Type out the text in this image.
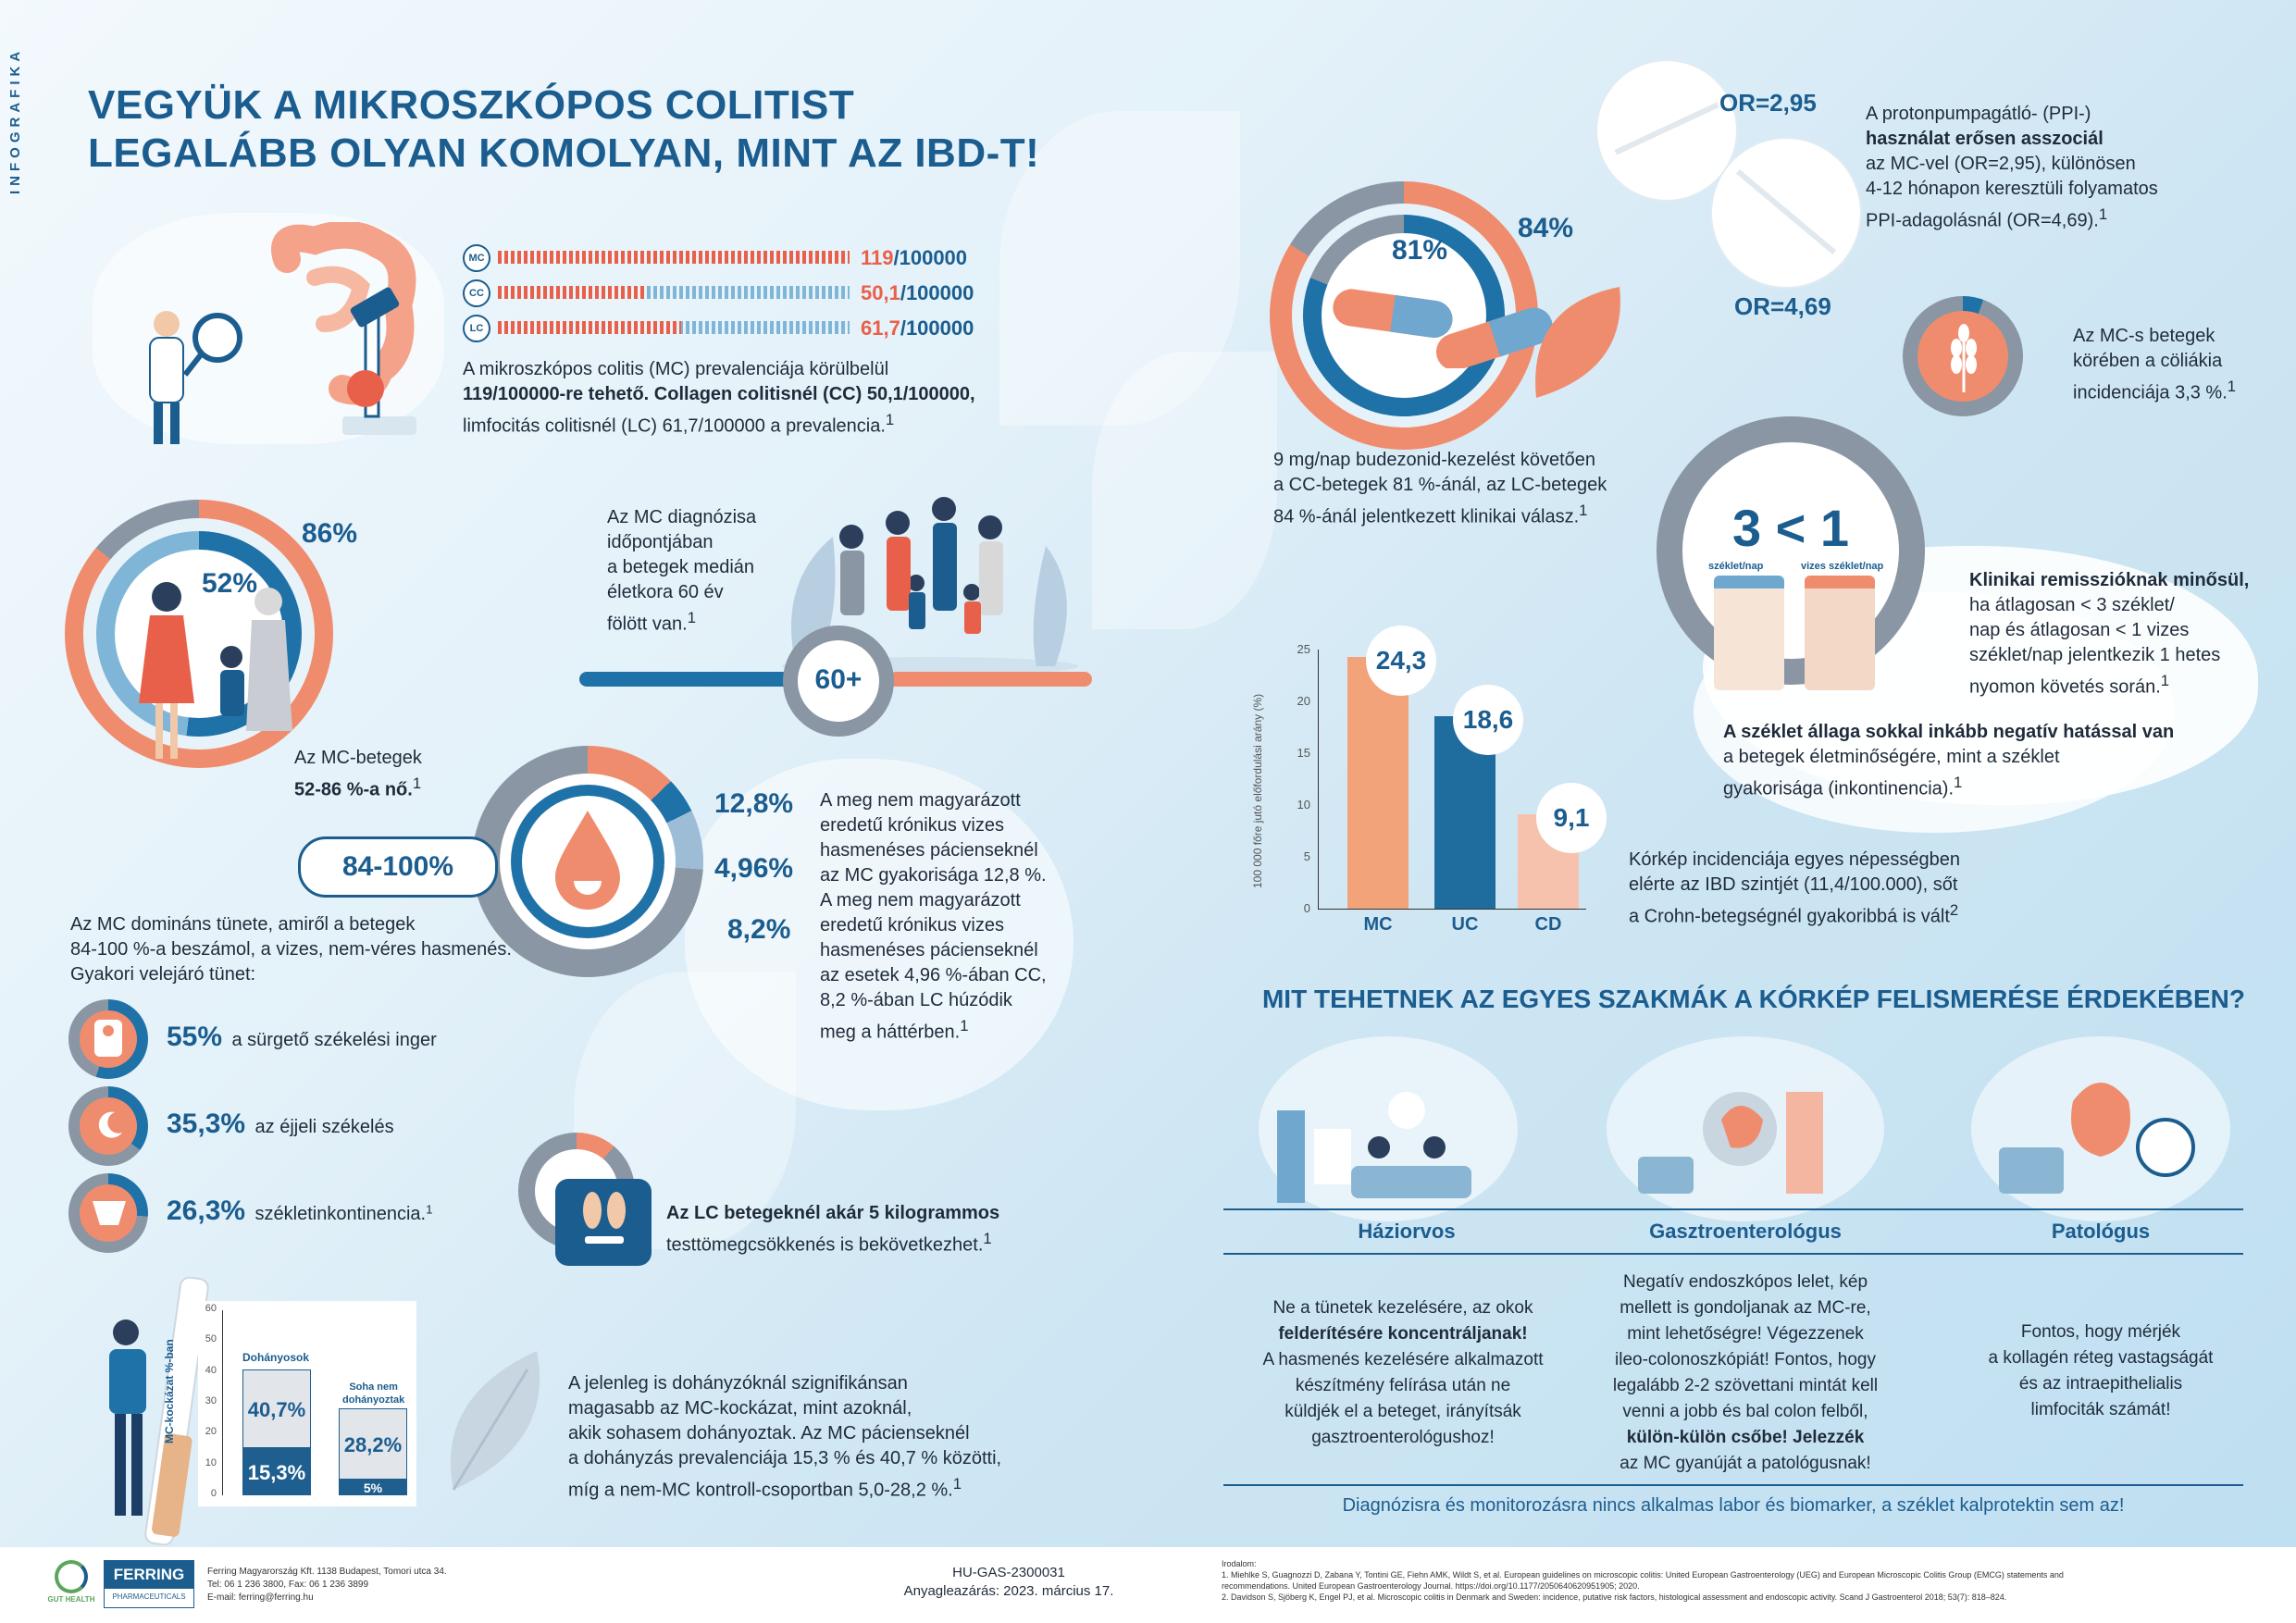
INFOGRAFIKA VEGYÜK A MIKROSZKÓPOS COLITIST
LEGALÁBB OLYAN KOMOLYAN, MINT AZ IBD-T!
MC	119/100000
CC	50,1/100000
LC	61,7/100000
A mikroszkópos colitis (MC) prevalenciája körülbelül
119/100000-re tehető. Collagen colitisnél (CC) 50,1/100000,
limfocitás colitisnél (LC) 61,7/100000 a prevalencia.$^1$
86%
52%
Az MC-betegek
52-86 %-a nő.$^1$
Az MC diagnózisa
időpontjában
a betegek medián
életkora 60 év
fölött van.$^1$
60+
84-100%
12,8%
4,96%
8,2%
A meg nem magyarázott
eredetű krónikus vizes
hasmenéses pácienseknél
az MC gyakorisága 12,8 %.
A meg nem magyarázott
eredetű krónikus vizes
hasmenéses pácienseknél
az esetek 4,96 %-ában CC,
8,2 %-ában LC húzódik
meg a háttérben.$^1$
Az MC domináns tünete, amiről a betegek
84-100 %-a beszámol, a vizes, nem-véres hasmenés.
Gyakori velejáró tünet:
55% a sürgető székelési inger
35,3% az éjjeli székelés
26,3% székletinkontinencia.$^1$	Az LC betegeknél akár 5 kilogrammos
testtömegcsökkenés is bekövetkezhet.$^1$
MC-kockázat %-ban
60
50
40
30
20
10
0
Dohányosok
Soha nem
dohányoztak
40,7%
15,3%
28,2%
5%
A jelenleg is dohányzóknál szignifikánsan
magasabb az MC-kockázat, mint azoknál,
akik sohasem dohányoztak. Az MC pácienseknél
a dohányzás prevalenciája 15,3 % és 40,7 % közötti,
míg a nem-MC kontroll-csoportban 5,0-28,2 %.$^1$
81%
84%
9 mg/nap budezonid-kezelést követően
a CC-betegek 81 %-ánál, az LC-betegek
84 %-ánál jelentkezett klinikai válasz.$^1$
OR=2,95
OR=4,69
A protonpumpagátló- (PPI-)
használat erősen asszociál
az MC-vel (OR=2,95), különösen
4-12 hónapon keresztüli folyamatos
PPI-adagolásnál (OR=4,69).$^1$
Az MC-s betegek
körében a cöliákia
incidenciája 3,3 %.$^1$
3 < 1
széklet/nap	vizes széklet/nap
Klinikai remisszióknak minősül,
ha átlagosan < 3 széklet/
nap és átlagosan < 1 vizes
széklet/nap jelentkezik 1 hetes
nyomon követés során.$^1$
A széklet állaga sokkal inkább negatív hatással van
a betegek életminőségére, mint a széklet
gyakorisága (inkontinencia).$^1$
100 000 főre jutó előfordulási arány (%)
25
20
15
10
5
0
24,3
MC
18,6
UC
9,1
CD
Kórkép incidenciája egyes népességben
elérte az IBD szintjét (11,4/100.000), sőt
a Crohn-betegségnél gyakoribbá is vált$^2$
MIT TEHETNEK AZ EGYES SZAKMÁK A KÓRKÉP FELISMERÉSE ÉRDEKÉBEN?
Háziorvos	Gasztroenterológus	Patológus
Ne a tünetek kezelésére, az okok
felderítésére koncentráljanak!
A hasmenés kezelésére alkalmazott
készítmény felírása után ne
küldjék el a beteget, irányítsák
gasztroenterológushoz!
Negatív endoszkópos lelet, kép
mellett is gondoljanak az MC-re,
mint lehetőségre! Végezzenek
ileo-colonoszkópiát! Fontos, hogy
legalább 2-2 szövettani mintát kell
venni a jobb és bal colon felből,
külön-külön csőbe! Jelezzék
az MC gyanúját a patológusnak!
Fontos, hogy mérjék
a kollagén réteg vastagságát
és az intraepithelialis
limfociták számát!
Diagnózisra és monitorozásra nincs alkalmas labor és biomarker, a széklet kalprotektin sem az!
GUT HEALTH
FERRING
PHARMACEUTICALS
Ferring Magyarország Kft. 1138 Budapest, Tomori utca 34.
Tel: 06 1 236 3800, Fax: 06 1 236 3899
E-mail: ferring@ferring.hu
HU-GAS-2300031
Anyagleazárás: 2023. március 17.
Irodalom:
1. Miehlke S, Guagnozzi D, Zabana Y, Tontini GE, Fiehn AMK, Wildt S, et al. European guidelines on microscopic colitis: United European Gastroenterology (UEG) and European Microscopic Colitis Group (EMCG) statements and
recommendations. United European Gastroenterology Journal. https://doi.org/10.1177/2050640620951905; 2020.
2. Davidson S, Sjöberg K, Engel PJ, et al. Microscopic colitis in Denmark and Sweden: incidence, putative risk factors, histological assessment and endoscopic activity. Scand J Gastroenterol 2018; 53(7): 818–824.
